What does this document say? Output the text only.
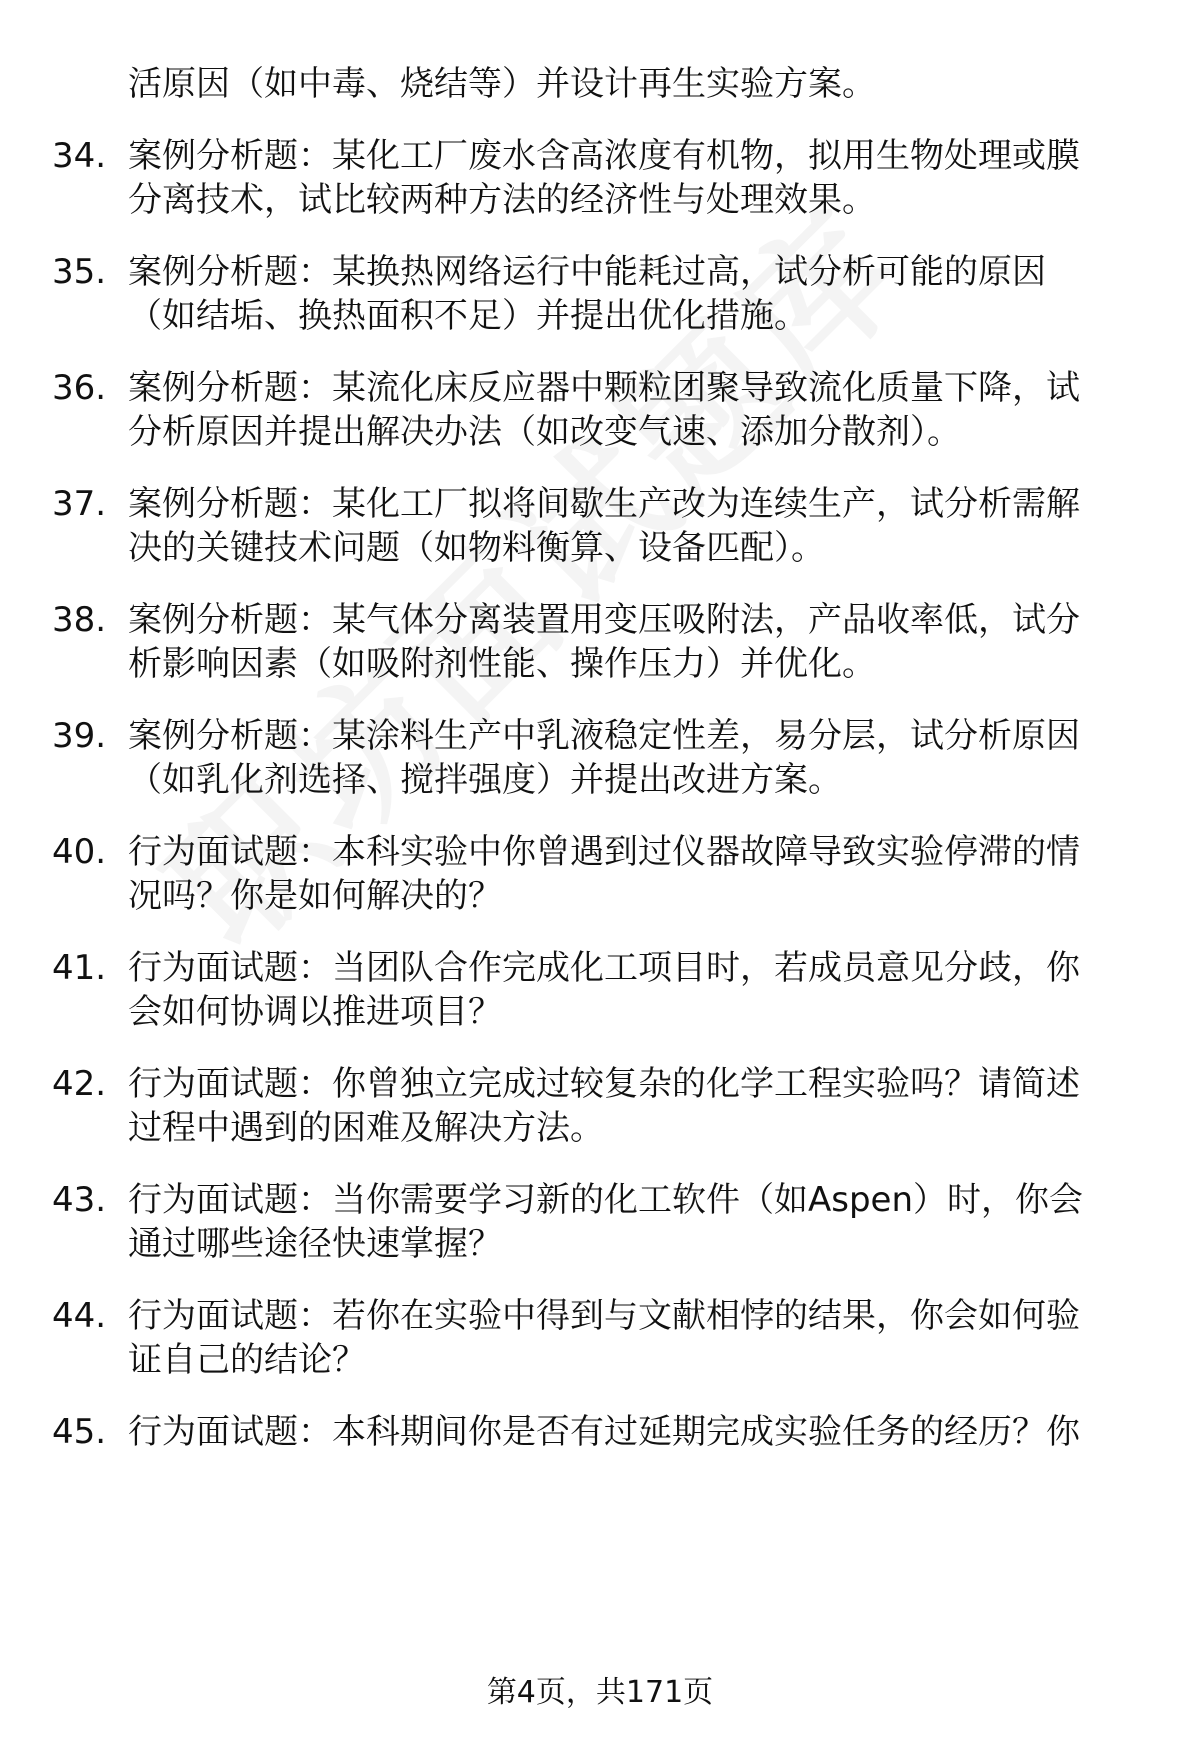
活原因（如中毒、烧结等）并设计再生实验方案。
34. 案例分析题：某化工厂废水含高浓度有机物，拟用生物处理或膜
分离技术，试比较两种方法的经济性与处理效果。
35. 案例分析题：某换热网络运行中能耗过高，试分析可能的原因
（如结垢、换热面积不足）并提出优化措施。
36. 案例分析题：某流化床反应器中颗粒团聚导致流化质量下降，试
分析原因并提出解决办法（如改变气速、添加分散剂）。
37. 案例分析题：某化工厂拟将间歇生产改为连续生产，试分析需解
决的关键技术问题（如物料衡算、设备匹配）。
38. 案例分析题：某气体分离装置用变压吸附法，产品收率低，试分
析影响因素（如吸附剂性能、操作压力）并优化。
39. 案例分析题：某涂料生产中乳液稳定性差，易分层，试分析原因
（如乳化剂选择、搅拌强度）并提出改进方案。
40. 行为面试题：本科实验中你曾遇到过仪器故障导致实验停滞的情
况吗？你是如何解决的？
41. 行为面试题：当团队合作完成化工项目时，若成员意见分歧，你
会如何协调以推进项目？
42. 行为面试题：你曾独立完成过较复杂的化学工程实验吗？请简述
过程中遇到的困难及解决方法。
43. 行为面试题：当你需要学习新的化工软件（如Aspen）时，你会
通过哪些途径快速掌握？
44. 行为面试题：若你在实验中得到与文献相悖的结果，你会如何验
证自己的结论？
45. 行为面试题：本科期间你是否有过延期完成实验任务的经历？你
第4页，共171页
